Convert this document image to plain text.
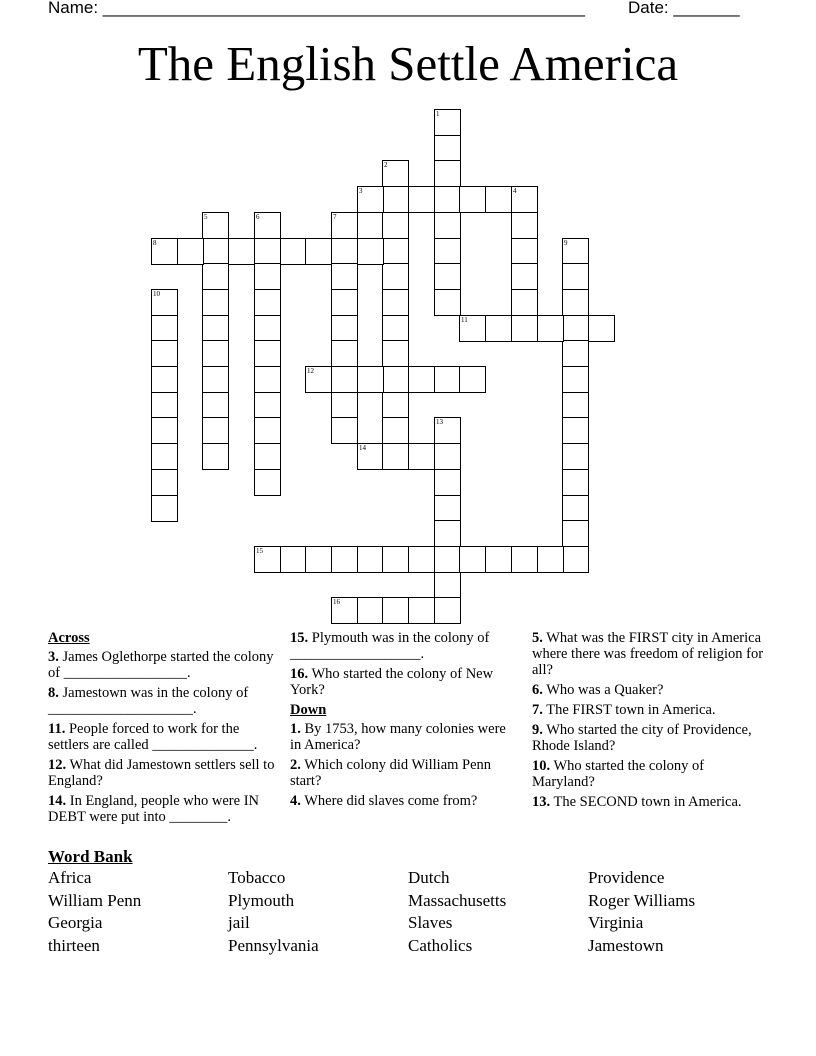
Name: ___________________________________________________	Date: _______
The English Settle America
1
2
3	4
5	6	7
8	9
10
11
12
13
14
15
16
Across
3. James Oglethorpe started the colony of _________________.
8. Jamestown was in the colony of ____________________.
11. People forced to work for the settlers are called ______________.
12. What did Jamestown settlers sell to England?
14. In England, people who were IN DEBT were put into ________.
15. Plymouth was in the colony of __________________.
16. Who started the colony of New York?
Down
1. By 1753, how many colonies were in America?
2. Which colony did William Penn start?
4. Where did slaves come from?
5. What was the FIRST city in America where there was freedom of religion for all?
6. Who was a Quaker?
7. The FIRST town in America.
9. Who started the city of Providence, Rhode Island?
10. Who started the colony of Maryland?
13. The SECOND town in America.
Word Bank
Africa
William Penn
Georgia
thirteen
Tobacco
Plymouth
jail
Pennsylvania
Dutch
Massachusetts
Slaves
Catholics
Providence
Roger Williams
Virginia
Jamestown
